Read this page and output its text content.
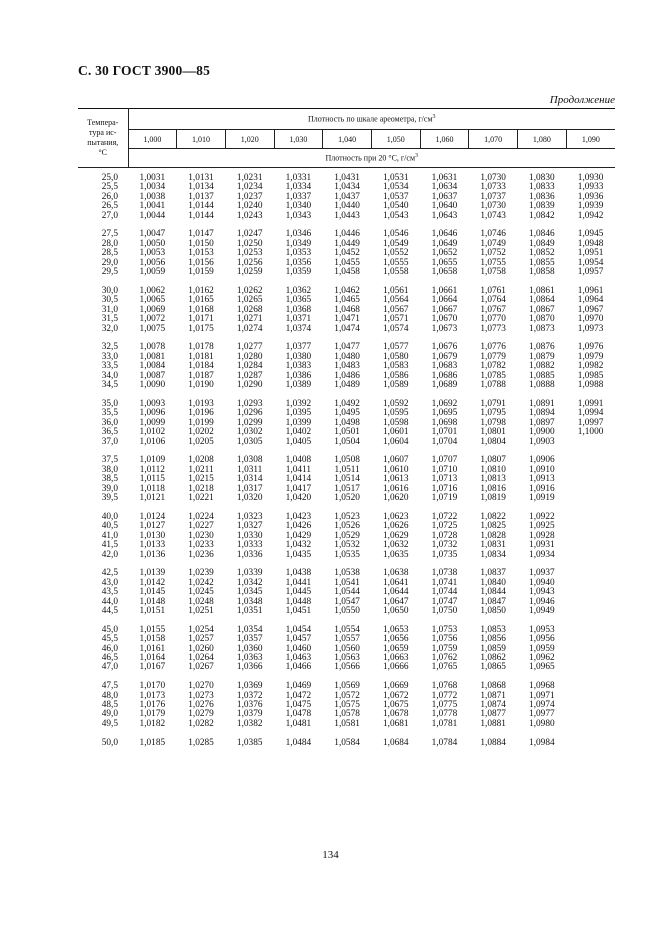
С. 30 ГОСТ 3900—85
Продолжение
Темпера-
тура ис-
пытания,
°C	Плотность по шкале ареометра, $г/см^3$
	1,000	1,010	1,020	1,030	1,040	1,050	1,060	1,070	1,080	1,090
	Плотность при 20 °C, $г/см^3$
25,0	1,0031	1,0131	1,0231	1,0331	1,0431	1,0531	1,0631	1,0730	1,0830	1,0930
25,5	1,0034	1,0134	1,0234	1,0334	1,0434	1,0534	1,0634	1,0733	1,0833	1,0933
26,0	1,0038	1,0137	1,0237	1,0337	1,0437	1,0537	1,0637	1,0737	1,0836	1,0936
26,5	1,0041	1,0144	1,0240	1,0340	1,0440	1,0540	1,0640	1,0730	1,0839	1,0939
27,0	1,0044	1,0144	1,0243	1,0343	1,0443	1,0543	1,0643	1,0743	1,0842	1,0942

27,5	1,0047	1,0147	1,0247	1,0346	1,0446	1,0546	1,0646	1,0746	1,0846	1,0945
28,0	1,0050	1,0150	1,0250	1,0349	1,0449	1,0549	1,0649	1,0749	1,0849	1,0948
28,5	1,0053	1,0153	1,0253	1,0353	1,0452	1,0552	1,0652	1,0752	1,0852	1,0951
29,0	1,0056	1,0156	1,0256	1,0356	1,0455	1,0555	1,0655	1,0755	1,0855	1,0954
29,5	1,0059	1,0159	1,0259	1,0359	1,0458	1,0558	1,0658	1,0758	1,0858	1,0957

30,0	1,0062	1,0162	1,0262	1,0362	1,0462	1,0561	1,0661	1,0761	1,0861	1,0961
30,5	1,0065	1,0165	1,0265	1,0365	1,0465	1,0564	1,0664	1,0764	1,0864	1,0964
31,0	1,0069	1,0168	1,0268	1,0368	1,0468	1,0567	1,0667	1,0767	1,0867	1,0967
31,5	1,0072	1,0171	1,0271	1,0371	1,0471	1,0571	1,0670	1,0770	1,0870	1,0970
32,0	1,0075	1,0175	1,0274	1,0374	1,0474	1,0574	1,0673	1,0773	1,0873	1,0973

32,5	1,0078	1,0178	1,0277	1,0377	1,0477	1,0577	1,0676	1,0776	1,0876	1,0976
33,0	1,0081	1,0181	1,0280	1,0380	1,0480	1,0580	1,0679	1,0779	1,0879	1,0979
33,5	1,0084	1,0184	1,0284	1,0383	1,0483	1,0583	1,0683	1,0782	1,0882	1,0982
34,0	1,0087	1,0187	1,0287	1,0386	1,0486	1,0586	1,0686	1,0785	1,0885	1,0985
34,5	1,0090	1,0190	1,0290	1,0389	1,0489	1,0589	1,0689	1,0788	1,0888	1,0988

35,0	1,0093	1,0193	1,0293	1,0392	1,0492	1,0592	1,0692	1,0791	1,0891	1,0991
35,5	1,0096	1,0196	1,0296	1,0395	1,0495	1,0595	1,0695	1,0795	1,0894	1,0994
36,0	1,0099	1,0199	1,0299	1,0399	1,0498	1,0598	1,0698	1,0798	1,0897	1,0997
36,5	1,0102	1,0202	1,0302	1,0402	1,0501	1,0601	1,0701	1,0801	1,0900	1,1000
37,0	1,0106	1,0205	1,0305	1,0405	1,0504	1,0604	1,0704	1,0804	1,0903	

37,5	1,0109	1,0208	1,0308	1,0408	1,0508	1,0607	1,0707	1,0807	1,0906	
38,0	1,0112	1,0211	1,0311	1,0411	1,0511	1,0610	1,0710	1,0810	1,0910	
38,5	1,0115	1,0215	1,0314	1,0414	1,0514	1,0613	1,0713	1,0813	1,0913	
39,0	1,0118	1,0218	1,0317	1,0417	1,0517	1,0616	1,0716	1,0816	1,0916	
39,5	1,0121	1,0221	1,0320	1,0420	1,0520	1,0620	1,0719	1,0819	1,0919	

40,0	1,0124	1,0224	1,0323	1,0423	1,0523	1,0623	1,0722	1,0822	1,0922	
40,5	1,0127	1,0227	1,0327	1,0426	1,0526	1,0626	1,0725	1,0825	1,0925	
41,0	1,0130	1,0230	1,0330	1,0429	1,0529	1,0629	1,0728	1,0828	1,0928	
41,5	1,0133	1,0233	1,0333	1,0432	1,0532	1,0632	1,0732	1,0831	1,0931	
42,0	1,0136	1,0236	1,0336	1,0435	1,0535	1,0635	1,0735	1,0834	1,0934	

42,5	1,0139	1,0239	1,0339	1,0438	1,0538	1,0638	1,0738	1,0837	1,0937	
43,0	1,0142	1,0242	1,0342	1,0441	1,0541	1,0641	1,0741	1,0840	1,0940	
43,5	1,0145	1,0245	1,0345	1,0445	1,0544	1,0644	1,0744	1,0844	1,0943	
44,0	1,0148	1,0248	1,0348	1,0448	1,0547	1,0647	1,0747	1,0847	1,0946	
44,5	1,0151	1,0251	1,0351	1,0451	1,0550	1,0650	1,0750	1,0850	1,0949	

45,0	1,0155	1,0254	1,0354	1,0454	1,0554	1,0653	1,0753	1,0853	1,0953	
45,5	1,0158	1,0257	1,0357	1,0457	1,0557	1,0656	1,0756	1,0856	1,0956	
46,0	1,0161	1,0260	1,0360	1,0460	1,0560	1,0659	1,0759	1,0859	1,0959	
46,5	1,0164	1,0264	1,0363	1,0463	1,0563	1,0663	1,0762	1,0862	1,0962	
47,0	1,0167	1,0267	1,0366	1,0466	1,0566	1,0666	1,0765	1,0865	1,0965	

47,5	1,0170	1,0270	1,0369	1,0469	1,0569	1,0669	1,0768	1,0868	1,0968	
48,0	1,0173	1,0273	1,0372	1,0472	1,0572	1,0672	1,0772	1,0871	1,0971	
48,5	1,0176	1,0276	1,0376	1,0475	1,0575	1,0675	1,0775	1,0874	1,0974	
49,0	1,0179	1,0279	1,0379	1,0478	1,0578	1,0678	1,0778	1,0877	1,0977	
49,5	1,0182	1,0282	1,0382	1,0481	1,0581	1,0681	1,0781	1,0881	1,0980	

50,0	1,0185	1,0285	1,0385	1,0484	1,0584	1,0684	1,0784	1,0884	1,0984	
134
